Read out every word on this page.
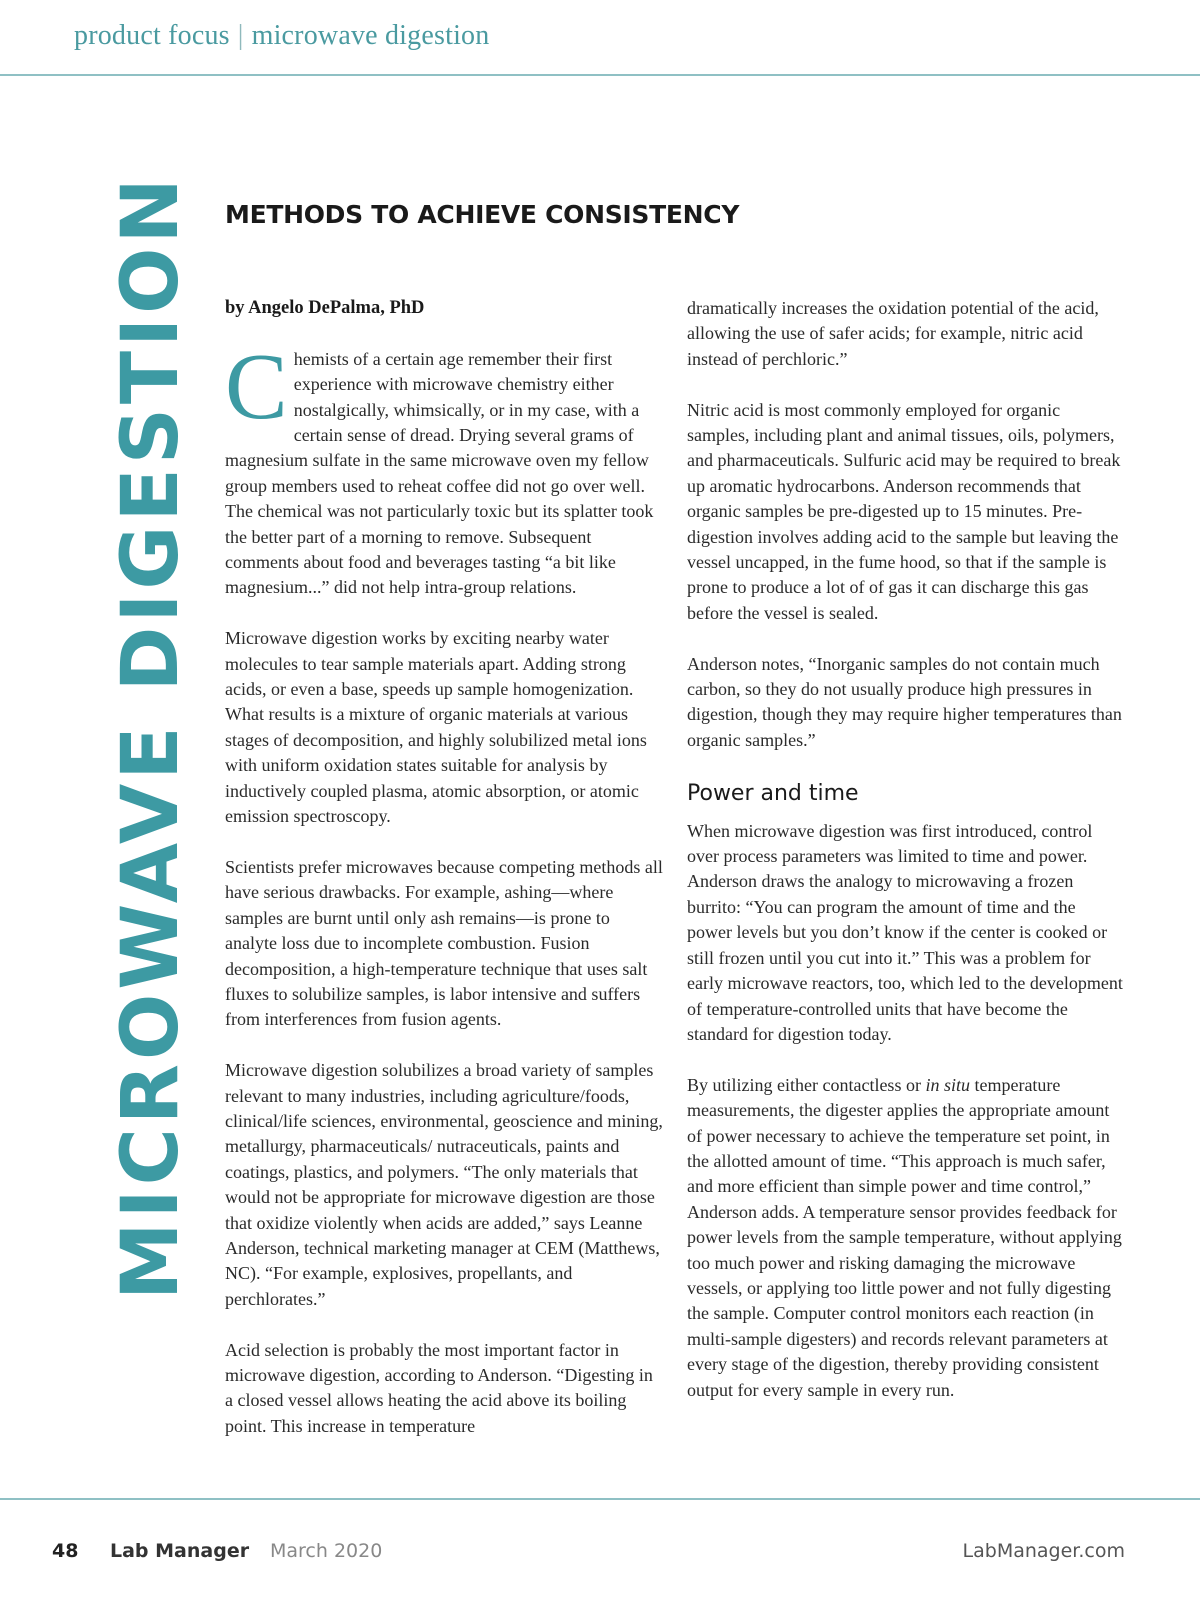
product focus | microwave digestion
MICROWAVE DIGESTION METHODS TO ACHIEVE CONSISTENCY
by Angelo DePalma, PhD

Chemists of a certain age remember their first experience with microwave chemistry either nostalgically, whimsically, or in my case, with a certain sense of dread. Drying several grams of magnesium sulfate in the same microwave oven my fellow group members used to reheat coffee did not go over well. The chemical was not particularly toxic but its splatter took the better part of a morning to remove. Subsequent comments about food and beverages tasting “a bit like magnesium...” did not help intra-group relations.

Microwave digestion works by exciting nearby water molecules to tear sample materials apart. Adding strong acids, or even a base, speeds up sample homogenization. What results is a mixture of organic materials at various stages of decomposition, and highly solubilized metal ions with uniform oxidation states suitable for analysis by inductively coupled plasma, atomic absorption, or atomic emission spectroscopy.

Scientists prefer microwaves because competing methods all have serious drawbacks. For example, ashing—where samples are burnt until only ash remains—is prone to analyte loss due to incomplete combustion. Fusion decomposition, a high-temperature technique that uses salt fluxes to solubilize samples, is labor intensive and suffers from interferences from fusion agents.

Microwave digestion solubilizes a broad variety of samples relevant to many industries, including agriculture/foods, clinical/life sciences, environmental, geoscience and mining, metallurgy, pharmaceuticals/ nutraceuticals, paints and coatings, plastics, and polymers. “The only materials that would not be appropriate for microwave digestion are those that oxidize violently when acids are added,” says Leanne Anderson, technical marketing manager at CEM (Matthews, NC). “For example, explosives, propellants, and perchlorates.”

Acid selection is probably the most important factor in microwave digestion, according to Anderson. “Digesting in a closed vessel allows heating the acid above its boiling point. This increase in temperature

dramatically increases the oxidation potential of the acid, allowing the use of safer acids; for example, nitric acid instead of perchloric.”

Nitric acid is most commonly employed for organic samples, including plant and animal tissues, oils, polymers, and pharmaceuticals. Sulfuric acid may be required to break up aromatic hydrocarbons. Anderson recommends that organic samples be pre-digested up to 15 minutes. Pre-digestion involves adding acid to the sample but leaving the vessel uncapped, in the fume hood, so that if the sample is prone to produce a lot of of gas it can discharge this gas before the vessel is sealed.

Anderson notes, “Inorganic samples do not contain much carbon, so they do not usually produce high pressures in digestion, though they may require higher temperatures than organic samples.”

Power and time

When microwave digestion was first introduced, control over process parameters was limited to time and power. Anderson draws the analogy to microwaving a frozen burrito: “You can program the amount of time and the power levels but you don’t know if the center is cooked or still frozen until you cut into it.” This was a problem for early microwave reactors, too, which led to the development of temperature-controlled units that have become the standard for digestion today.

By utilizing either contactless or in situ temperature measurements, the digester applies the appropriate amount of power necessary to achieve the temperature set point, in the allotted amount of time. “This approach is much safer, and more efficient than simple power and time control,” Anderson adds. A temperature sensor provides feedback for power levels from the sample temperature, without applying too much power and risking damaging the microwave vessels, or applying too little power and not fully digesting the sample. Computer control monitors each reaction (in multi-sample digesters) and records relevant parameters at every stage of the digestion, thereby providing consistent output for every sample in every run.

48 Lab Manager March 2020	LabManager.com
